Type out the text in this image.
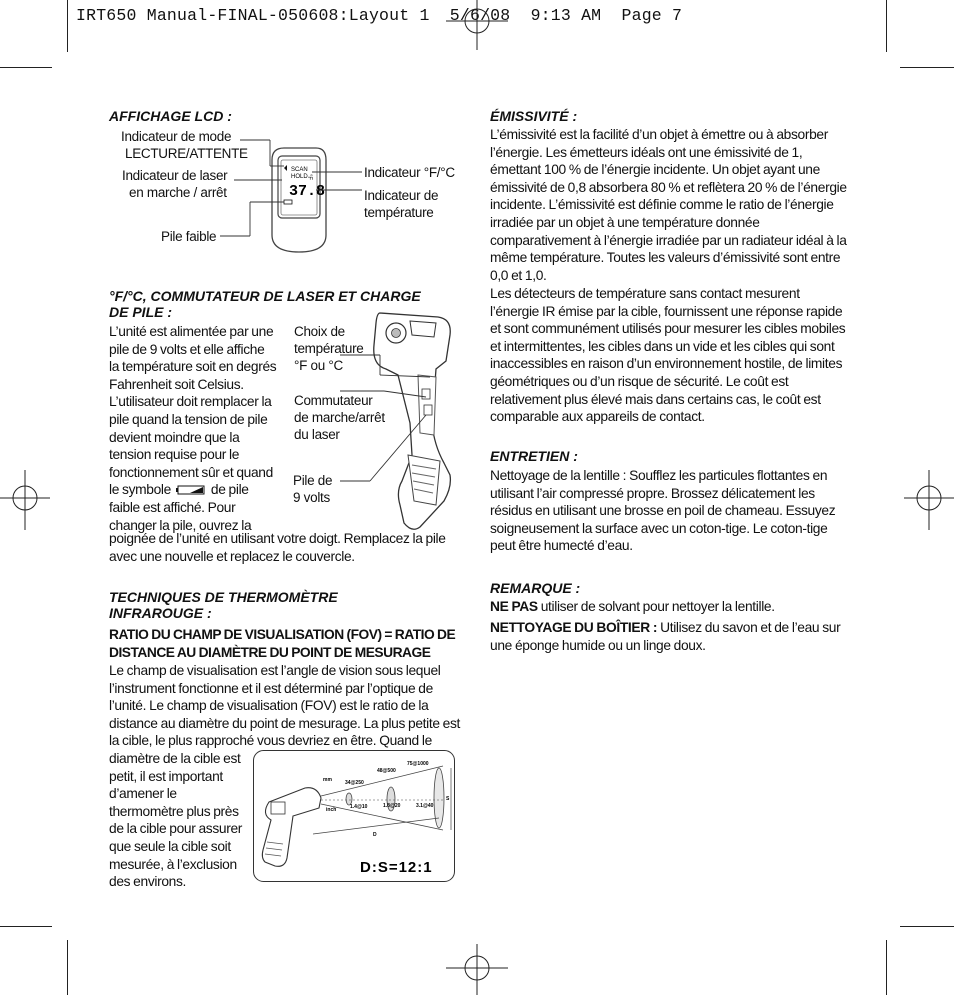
IRT650 Manual-FINAL-050608:Layout 1  5/6/08  9:13 AM  Page 7
AFFICHAGE LCD :
Indicateur de mode
LECTURE/ATTENTE
Indicateur de laser
en marche / arrêt
Pile faible
Indicateur °F/°C
Indicateur de
température
SCAN
HOLD
°F
37.8
°F/°C, COMMUTATEUR DE LASER ET CHARGE
DE PILE :
L’unité est alimentée par une
pile de 9 volts et elle affiche
la température soit en degrés
Fahrenheit soit Celsius.
L’utilisateur doit remplacer la
pile quand la tension de pile
devient moindre que la
tension requise pour le
fonctionnement sûr et quand
le symbole	de pile
faible est affiché. Pour
changer la pile, ouvrez la
poignée de l’unité en utilisant votre doigt. Remplacez la pile avec une nouvelle et replacez le couvercle.
Choix de
température
°F ou °C
Commutateur
de marche/arrêt
du laser
Pile de
9 volts
TECHNIQUES DE THERMOMÈTRE
INFRAROUGE :
RATIO DU CHAMP DE VISUALISATION (FOV) = RATIO DE DISTANCE AU DIAMÈTRE DU POINT DE MESURAGE
Le champ de visualisation est l’angle de vision sous lequel l’instrument fonctionne et il est déterminé par l’optique de l’unité. Le champ de visualisation (FOV) est le ratio de la distance au diamètre du point de mesurage. La plus petite est la cible, le plus rapproché vous devriez en être. Quand le
diamètre de la cible est
petit, il est important
d’amener le
thermomètre plus près
de la cible pour assurer
que seule la cible soit
mesurée, à l’exclusion
des environs.
mm
inch
34@250
48@500
75@1000
1.4@10	1.8@20	3.1@40
D
S
D:S=12:1
ÉMISSIVITÉ :
L’émissivité est la facilité d’un objet à émettre ou à absorber l’énergie. Les émetteurs idéals ont une émissivité de 1, émettant 100 % de l’énergie incidente. Un objet ayant une émissivité de 0,8 absorbera 80 % et reflètera 20 % de l’énergie incidente. L’émissivité est définie comme le ratio de l’énergie irradiée par un objet à une température donnée comparativement à l’énergie irradiée par un radiateur idéal à la même température. Toutes les valeurs d’émissivité sont entre 0,0 et 1,0.
Les détecteurs de température sans contact mesurent l’énergie IR émise par la cible, fournissent une réponse rapide et sont communément utilisés pour mesurer les cibles mobiles et intermittentes, les cibles dans un vide et les cibles qui sont inaccessibles en raison d’un environnement hostile, de limites géométriques ou d’un risque de sécurité. Le coût est relativement plus élevé mais dans certains cas, le coût est comparable aux appareils de contact.
ENTRETIEN :
Nettoyage de la lentille : Soufflez les particules flottantes en utilisant l’air compressé propre. Brossez délicatement les résidus en utilisant une brosse en poil de chameau. Essuyez soigneusement la surface avec un coton-tige. Le coton-tige peut être humecté d’eau.
REMARQUE :
NE PAS utiliser de solvant pour nettoyer la lentille.
NETTOYAGE DU BOÎTIER : Utilisez du savon et de l’eau sur une éponge humide ou un linge doux.
